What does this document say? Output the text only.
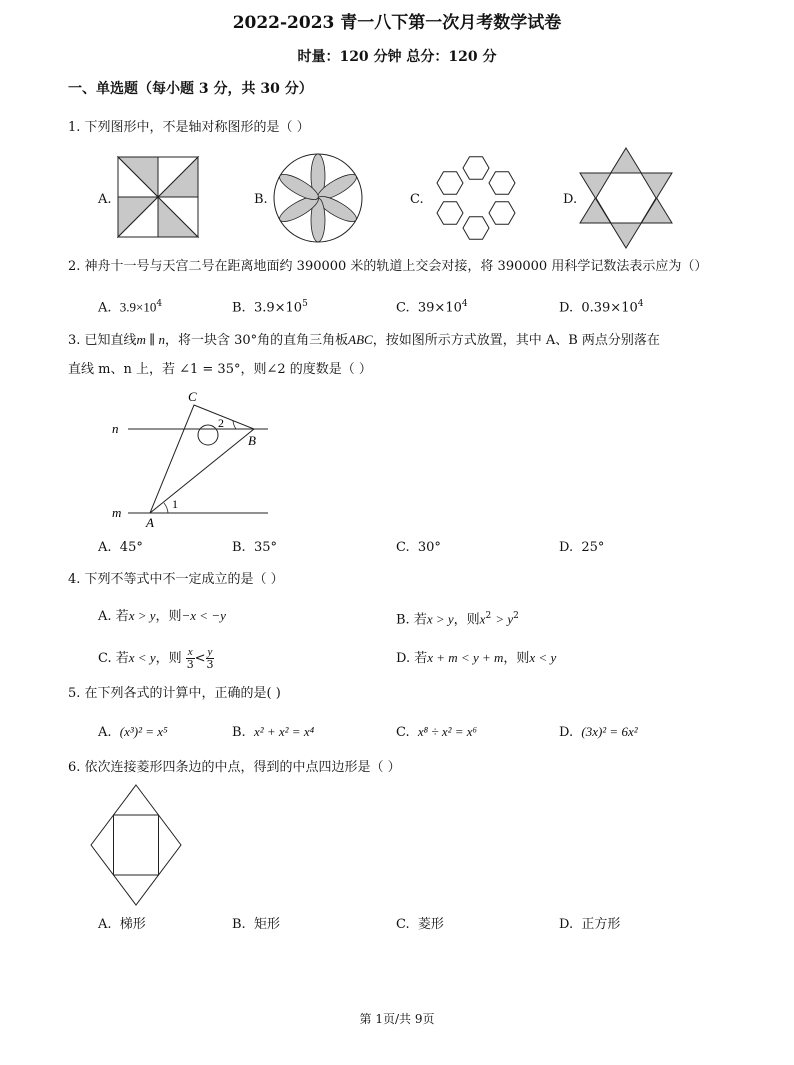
2022-2023 青一八下第一次月考数学试卷
时量：120 分钟 总分：120 分
一、单选题（每小题 3 分，共 30 分）
1. 下列图形中，不是轴对称图形的是（ ）
A.	B.	C.	D.
2. 神舟十一号与天宫二号在距离地面约 390000 米的轨道上交会对接，将 390000 用科学记数法表示应为（）
A. $3.9\times 10^4$	B. $3.9\times 10^5$	C. $39\times 10^4$	D. $0.39\times 10^4$
3. 已知直线m ∥ n，将一块含 30°角的直角三角板ABC，按如图所示方式放置，其中 A、B 两点分别落在
直线 m、n 上，若 ∠1 = 35°，则∠2 的度数是（ ）
C
n
B
m
A
1
2
A. 45°	B. 35°	C. 30°	D. 25°
4. 下列不等式中不一定成立的是（ ）
A. 若x > y，则−x < −y	B. 若x > y，则$x^2 > y^2$
C. 若x < y，则 $\frac{x}{3} < \frac{y}{3}$	D. 若x + m < y + m，则x < y
5. 在下列各式的计算中，正确的是( )
A. (x³)² = x⁵	B. x² + x² = x⁴	C. x⁸ ÷ x² = x⁶	D. (3x)² = 6x²
6. 依次连接菱形四条边的中点，得到的中点四边形是（ ）
A. 梯形	B. 矩形	C. 菱形	D. 正方形
第 1页/共 9页
